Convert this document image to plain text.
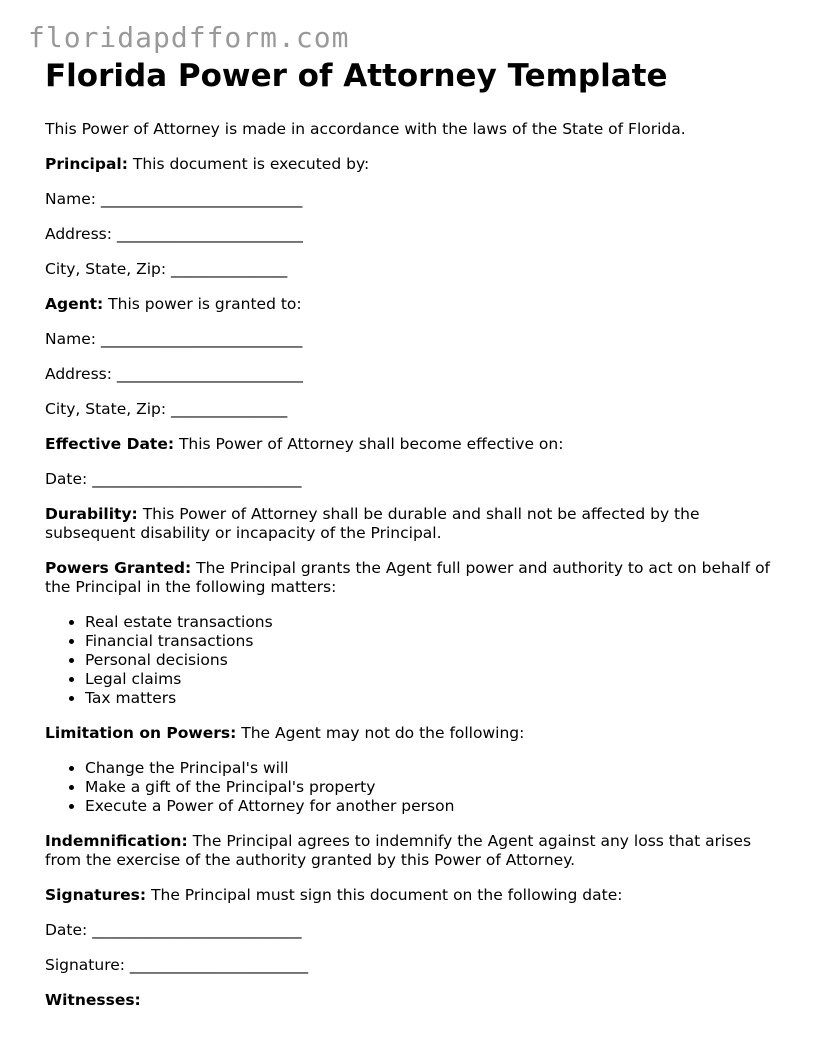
floridapdfform.com
Florida Power of Attorney Template

This Power of Attorney is made in accordance with the laws of the State of Florida.

Principal: This document is executed by:

Name: __________________________

Address: ________________________

City, State, Zip: _______________

Agent: This power is granted to:

Name: __________________________

Address: ________________________

City, State, Zip: _______________

Effective Date: This Power of Attorney shall become effective on:

Date: ___________________________

Durability: This Power of Attorney shall be durable and shall not be affected by the subsequent disability or incapacity of the Principal.

Powers Granted: The Principal grants the Agent full power and authority to act on behalf of the Principal in the following matters:

• Real estate transactions
• Financial transactions
• Personal decisions
• Legal claims
• Tax matters

Limitation on Powers: The Agent may not do the following:

• Change the Principal's will
• Make a gift of the Principal's property
• Execute a Power of Attorney for another person

Indemnification: The Principal agrees to indemnify the Agent against any loss that arises from the exercise of the authority granted by this Power of Attorney.

Signatures: The Principal must sign this document on the following date:

Date: ___________________________

Signature: _______________________

Witnesses:
